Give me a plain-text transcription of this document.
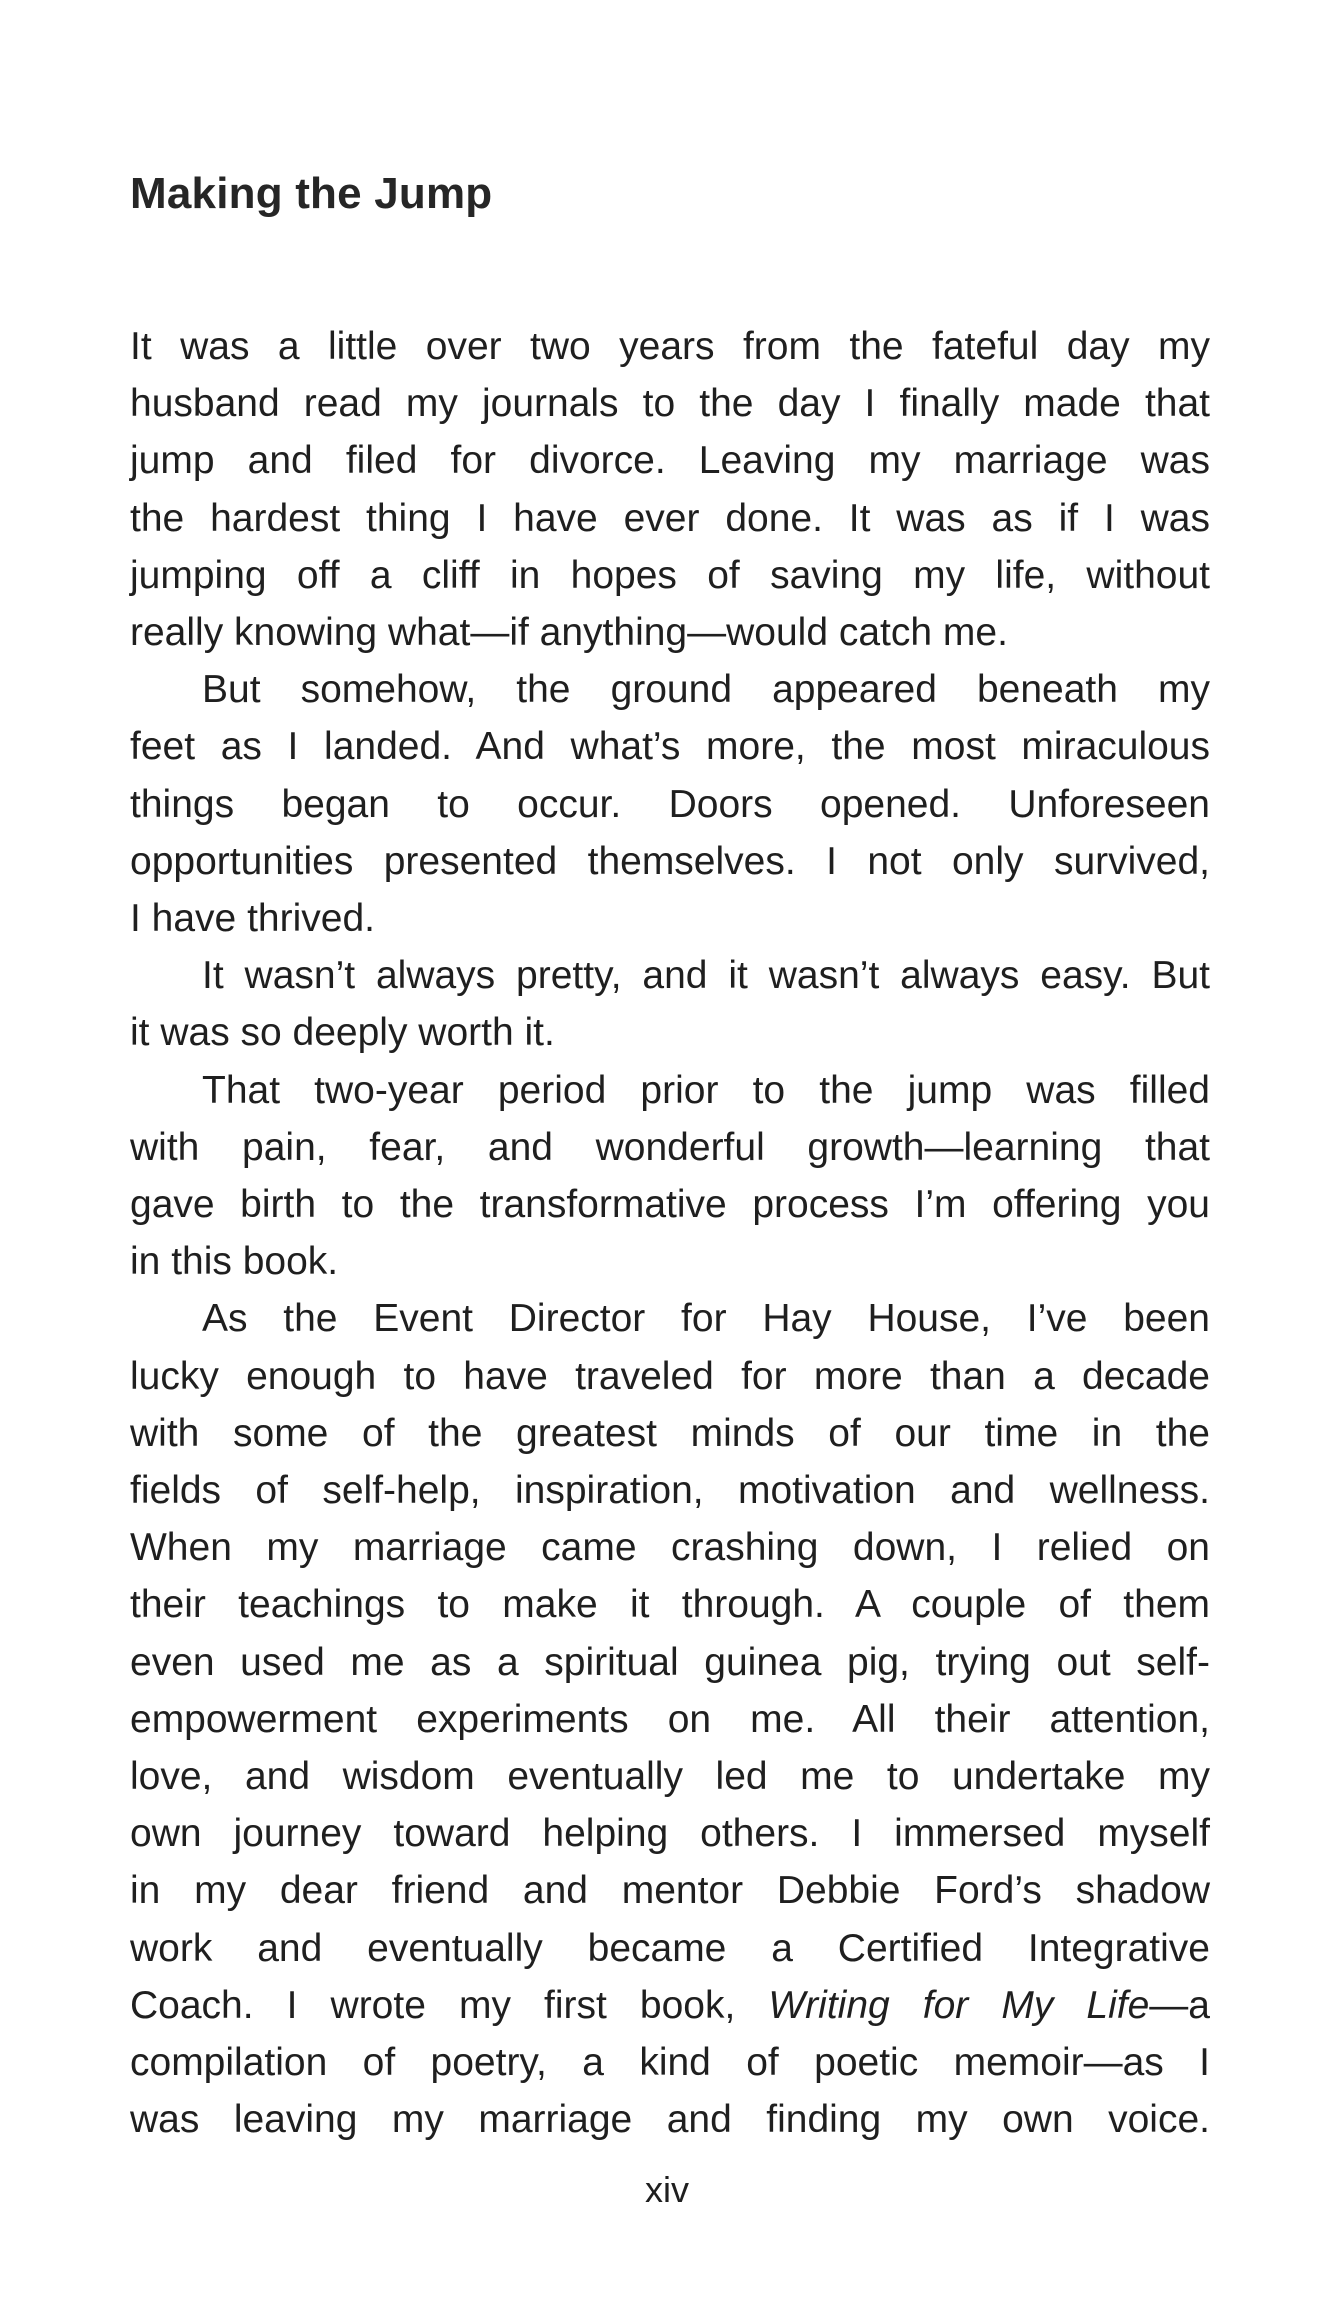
Making the Jump

It was a little over two years from the fateful day my
husband read my journals to the day I finally made that
jump and filed for divorce. Leaving my marriage was
the hardest thing I have ever done. It was as if I was
jumping off a cliff in hopes of saving my life, without
really knowing what—if anything—would catch me.

But somehow, the ground appeared beneath my
feet as I landed. And what’s more, the most miraculous
things began to occur. Doors opened. Unforeseen
opportunities presented themselves. I not only survived,
I have thrived.

It wasn’t always pretty, and it wasn’t always easy. But
it was so deeply worth it.

That two-year period prior to the jump was filled
with pain, fear, and wonderful growth—learning that
gave birth to the transformative process I’m offering you
in this book.

As the Event Director for Hay House, I’ve been
lucky enough to have traveled for more than a decade
with some of the greatest minds of our time in the
fields of self-help, inspiration, motivation and wellness.
When my marriage came crashing down, I relied on
their teachings to make it through. A couple of them
even used me as a spiritual guinea pig, trying out self-
empowerment experiments on me. All their attention,
love, and wisdom eventually led me to undertake my
own journey toward helping others. I immersed myself
in my dear friend and mentor Debbie Ford’s shadow
work and eventually became a Certified Integrative
Coach. I wrote my first book, Writing for My Life—a
compilation of poetry, a kind of poetic memoir—as I
was leaving my marriage and finding my own voice.

xiv
